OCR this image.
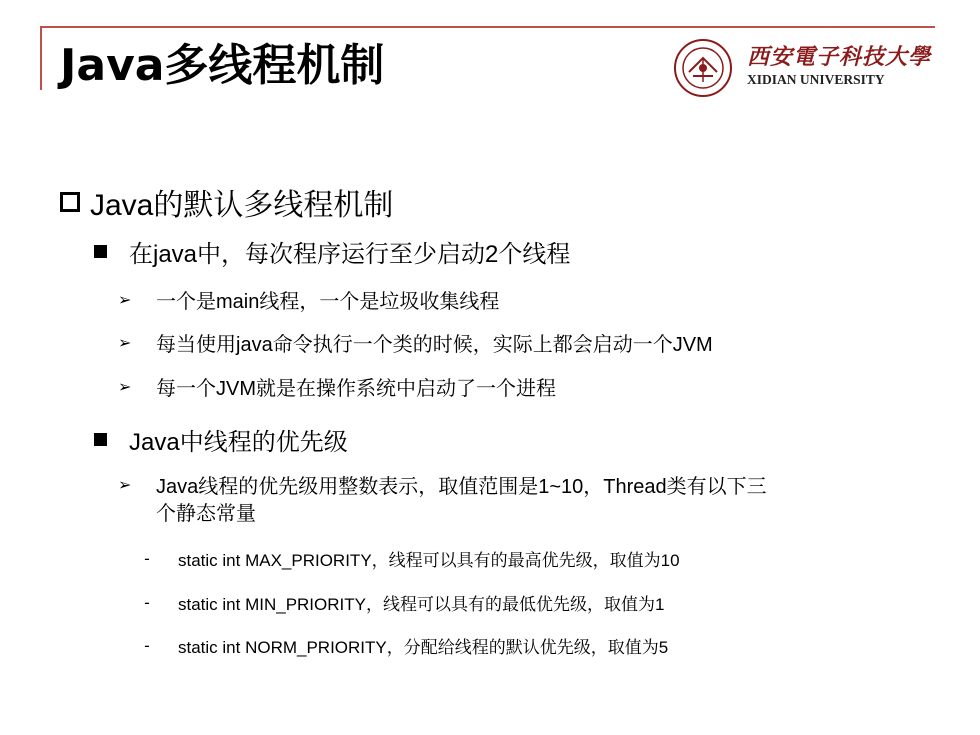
Java多线程机制	西安電子科技大學
XIDIAN UNIVERSITY
Java的默认多线程机制
在java中，每次程序运行至少启动2个线程
➢	一个是main线程，一个是垃圾收集线程
➢	每当使用java命令执行一个类的时候，实际上都会启动一个JVM
➢	每一个JVM就是在操作系统中启动了一个进程
Java中线程的优先级
➢	Java线程的优先级用整数表示，取值范围是1~10，Thread类有以下三
个静态常量
- static int MAX_PRIORITY，线程可以具有的最高优先级，取值为10
- static int MIN_PRIORITY，线程可以具有的最低优先级，取值为1
- static int NORM_PRIORITY，分配给线程的默认优先级，取值为5
